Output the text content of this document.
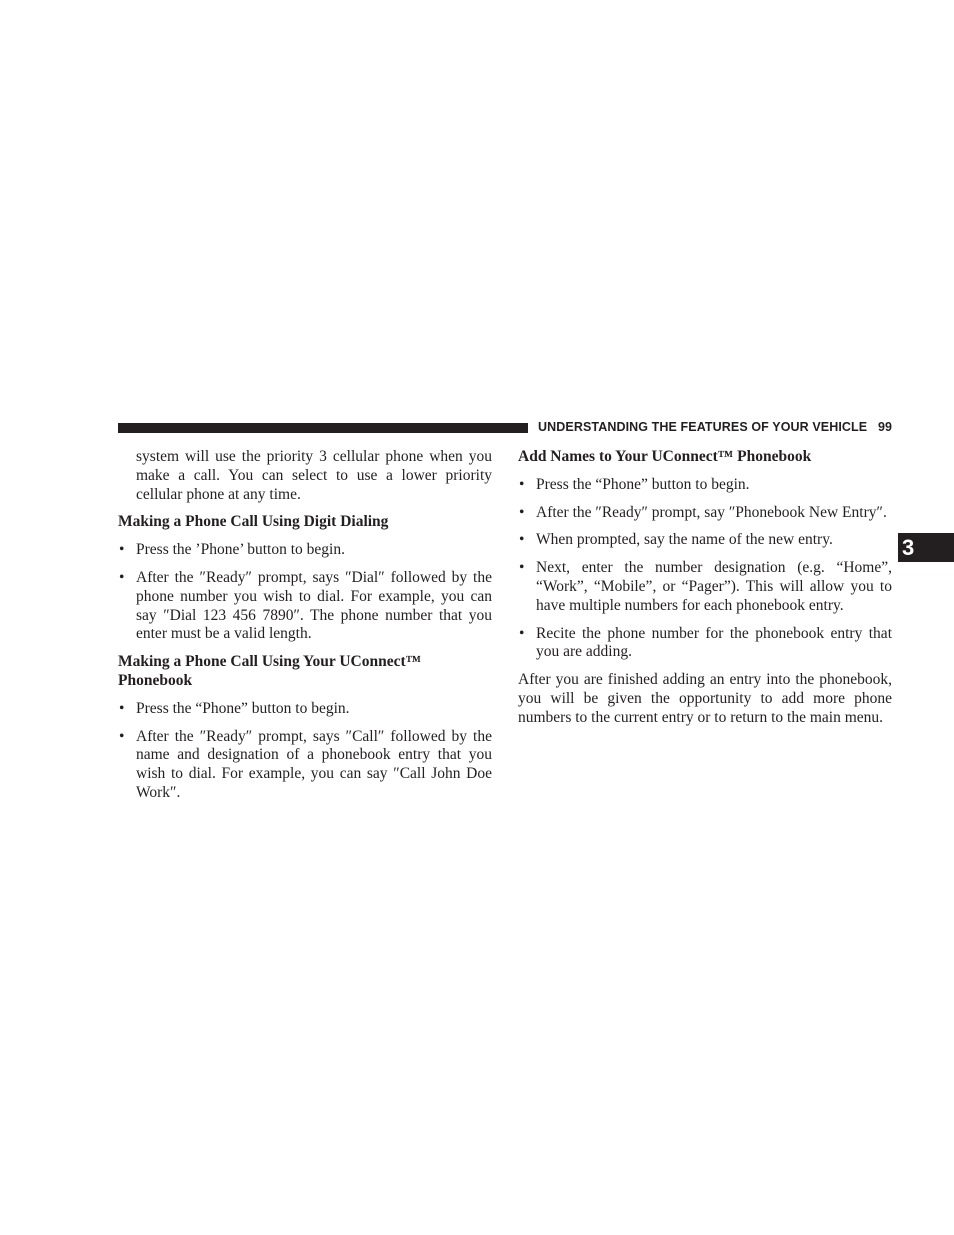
UNDERSTANDING THE FEATURES OF YOUR VEHICLE 99
3

system will use the priority 3 cellular phone when you make a call. You can select to use a lower priority cellular phone at any time.

Making a Phone Call Using Digit Dialing
• Press the ’Phone’ button to begin.
• After the ″Ready″ prompt, says ″Dial″ followed by the phone number you wish to dial. For example, you can say ″Dial 123 456 7890″. The phone number that you enter must be a valid length.
Making a Phone Call Using Your UConnect™ Phonebook
• Press the “Phone” button to begin.
• After the ″Ready″ prompt, says ″Call″ followed by the name and designation of a phonebook entry that you wish to dial. For example, you can say ″Call John Doe Work″.
Add Names to Your UConnect™ Phonebook
• Press the “Phone” button to begin.
• After the ″Ready″ prompt, say ″Phonebook New Entry″.
• When prompted, say the name of the new entry.
• Next, enter the number designation (e.g. “Home”, “Work”, “Mobile”, or “Pager”). This will allow you to have multiple numbers for each phonebook entry.
• Recite the phone number for the phonebook entry that you are adding.

After you are finished adding an entry into the phonebook, you will be given the opportunity to add more phone numbers to the current entry or to return to the main menu.
